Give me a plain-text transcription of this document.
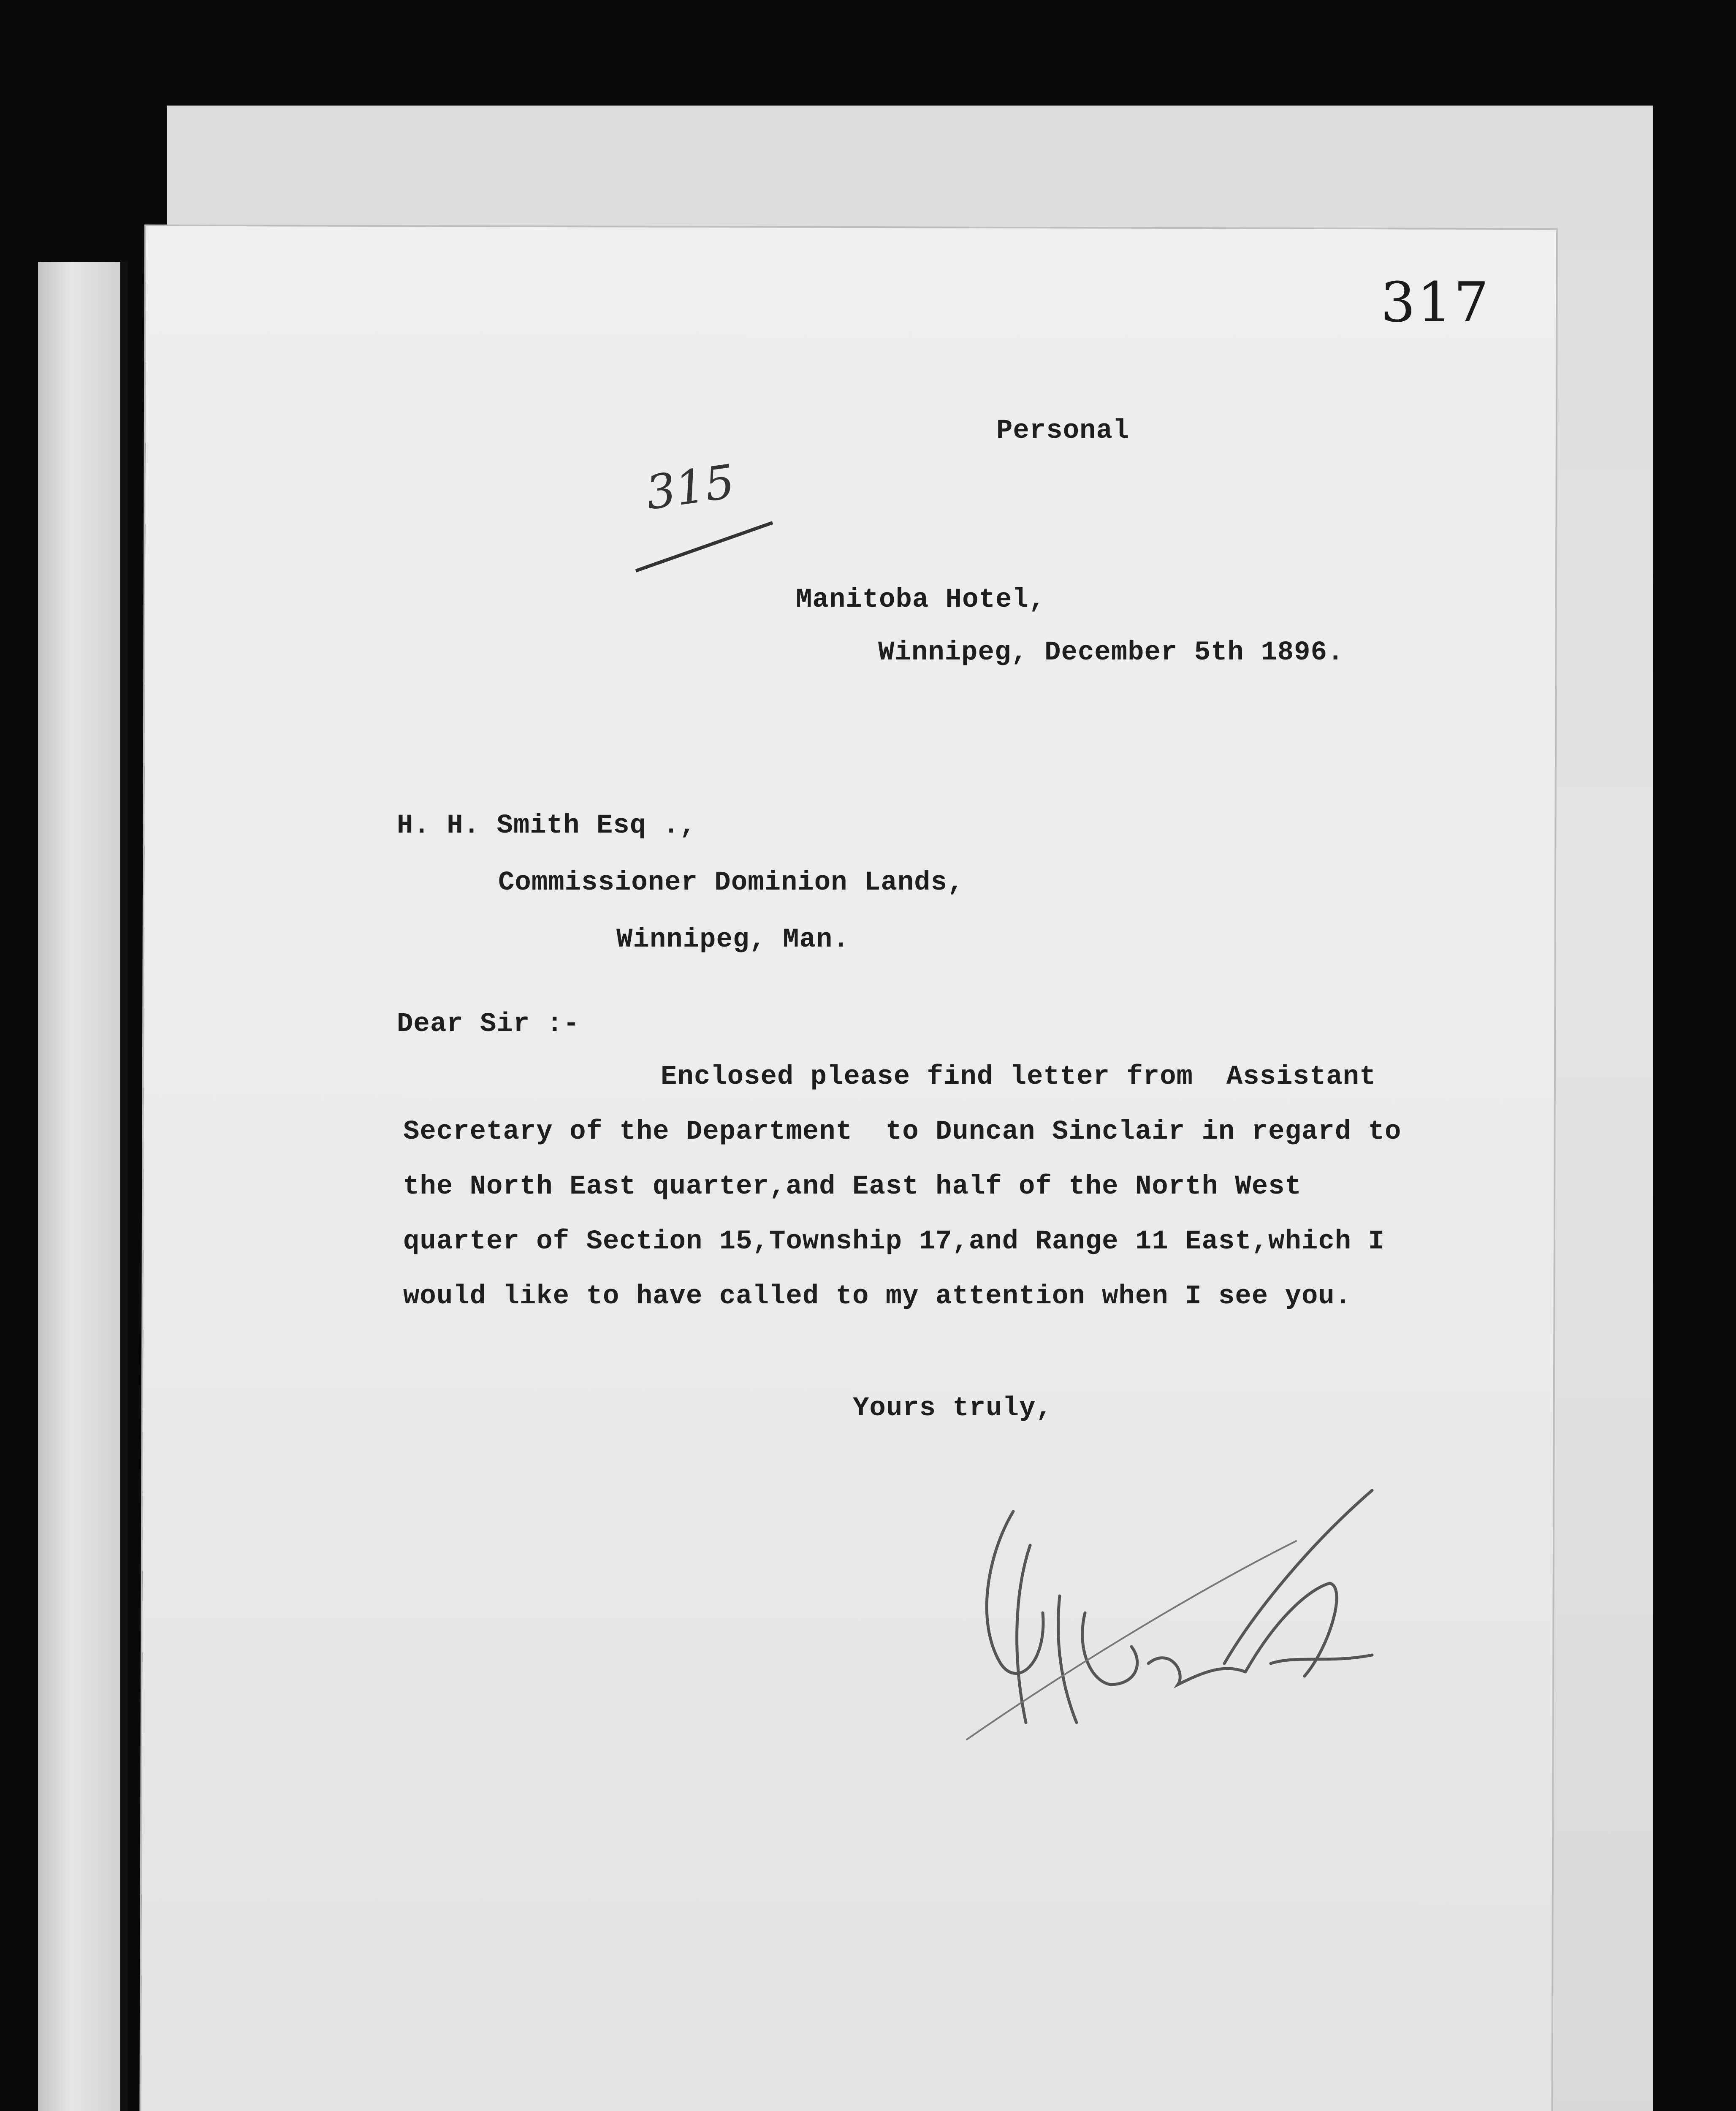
317
315
Personal
Manitoba Hotel,
Winnipeg, December 5th 1896.
H. H. Smith Esq .,
Commissioner Dominion Lands,
Winnipeg, Man.
Dear Sir :-
Enclosed please find letter from  Assistant
Secretary of the Department  to Duncan Sinclair in regard to
the North East quarter,and East half of the North West
quarter of Section 15,Township 17,and Range 11 East,which I
would like to have called to my attention when I see you.
Yours truly,
